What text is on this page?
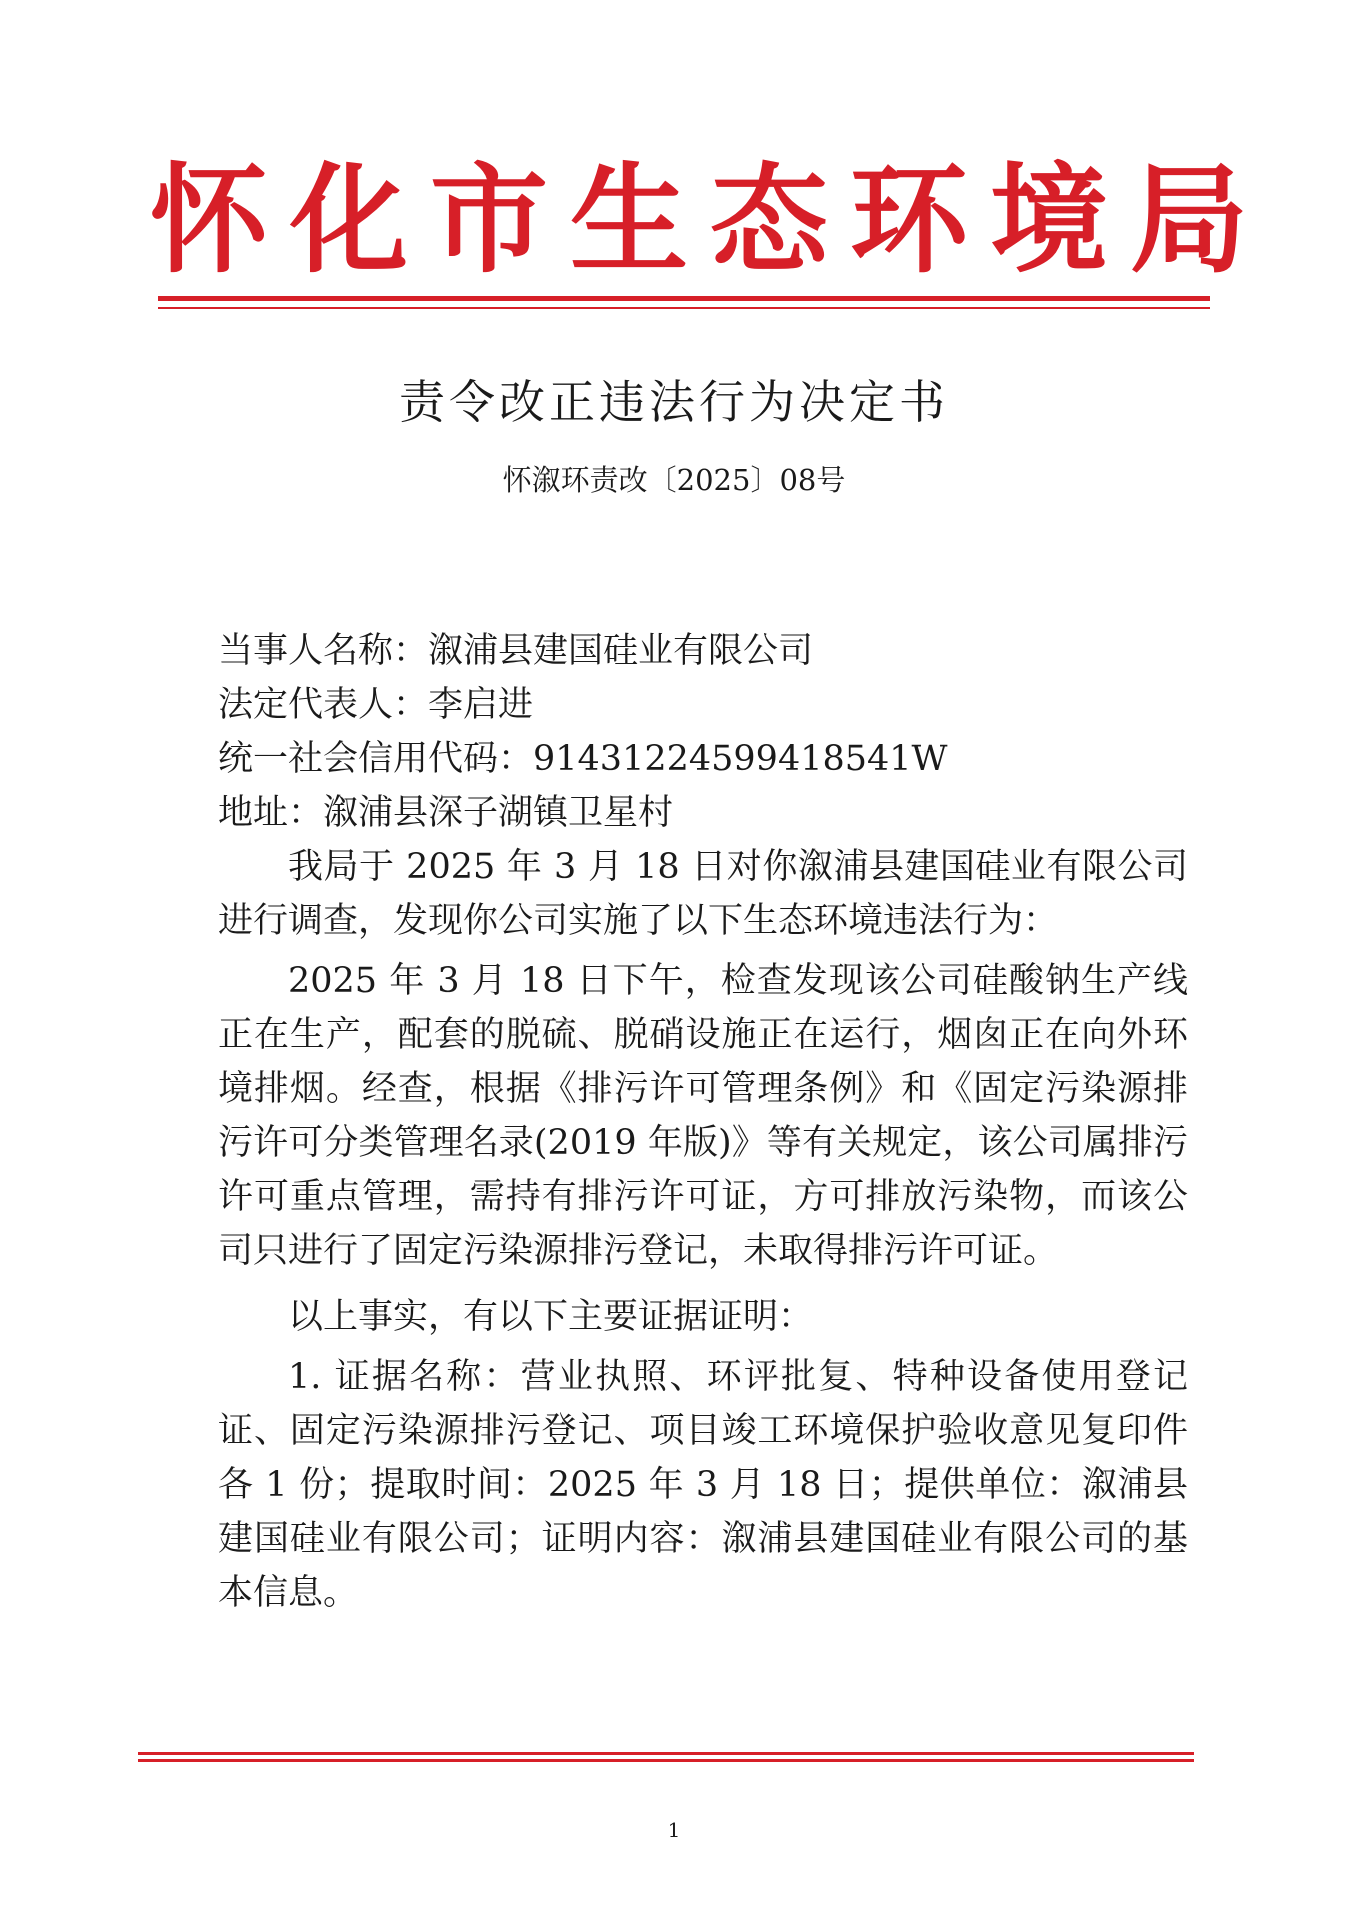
怀化市生态环境局
责令改正违法行为决定书
怀溆环责改〔2025〕08号
当事人名称：溆浦县建国硅业有限公司
法定代表人：李启进
统一社会信用代码：91431224599418541W
地址：溆浦县深子湖镇卫星村
我局于 2025 年 3 月 18 日对你溆浦县建国硅业有限公司进行调查，发现你公司实施了以下生态环境违法行为：
2025 年 3 月 18 日下午，检查发现该公司硅酸钠生产线正在生产，配套的脱硫、脱硝设施正在运行，烟囱正在向外环境排烟。经查，根据《排污许可管理条例》和《固定污染源排污许可分类管理名录(2019 年版)》等有关规定，该公司属排污许可重点管理，需持有排污许可证，方可排放污染物，而该公司只进行了固定污染源排污登记，未取得排污许可证。
以上事实，有以下主要证据证明：
1. 证据名称：营业执照、环评批复、特种设备使用登记证、固定污染源排污登记、项目竣工环境保护验收意见复印件各 1 份；提取时间：2025 年 3 月 18 日；提供单位：溆浦县建国硅业有限公司；证明内容：溆浦县建国硅业有限公司的基本信息。
1
